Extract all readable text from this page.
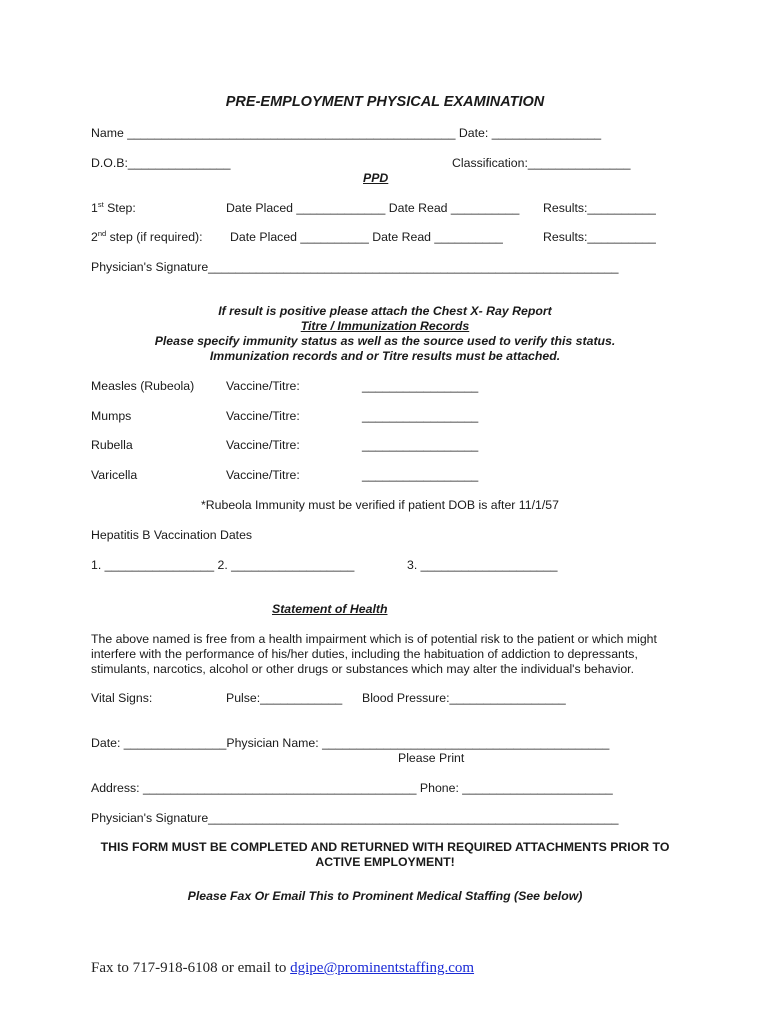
PRE-EMPLOYMENT PHYSICAL EXAMINATION
Name ________________________________________________ Date: ________________
D.O.B:_______________	Classification:_______________
PPD
1st Step:	Date Placed _____________ Date Read __________ Results:__________
2nd step (if required): Date Placed __________ Date Read __________	Results:__________
Physician's Signature____________________________________________________________
If result is positive please attach the Chest X- Ray Report
Titre / Immunization Records
Please specify immunity status as well as the source used to verify this status.
Immunization records and or Titre results must be attached.
Measles (Rubeola)	Vaccine/Titre:	_________________
Mumps	Vaccine/Titre:	_________________
Rubella	Vaccine/Titre:	_________________
Varicella	Vaccine/Titre:	_________________
*Rubeola Immunity must be verified if patient DOB is after 11/1/57
Hepatitis B Vaccination Dates
1. ________________ 2. __________________	3. ____________________
Statement of Health
The above named is free from a health impairment which is of potential risk to the patient or which might
interfere with the performance of his/her duties, including the habituation of addiction to depressants,
stimulants, narcotics, alcohol or other drugs or substances which may alter the individual's behavior.
Vital Signs:	Pulse:____________ Blood Pressure:_________________
Date: _______________Physician Name: __________________________________________
Please Print
Address: ________________________________________ Phone: ______________________
Physician's Signature____________________________________________________________
THIS FORM MUST BE COMPLETED AND RETURNED WITH REQUIRED ATTACHMENTS PRIOR TO
ACTIVE EMPLOYMENT!
Please Fax Or Email This to Prominent Medical Staffing (See below)
Fax to 717-918-6108 or email to dgipe@prominentstaffing.com
